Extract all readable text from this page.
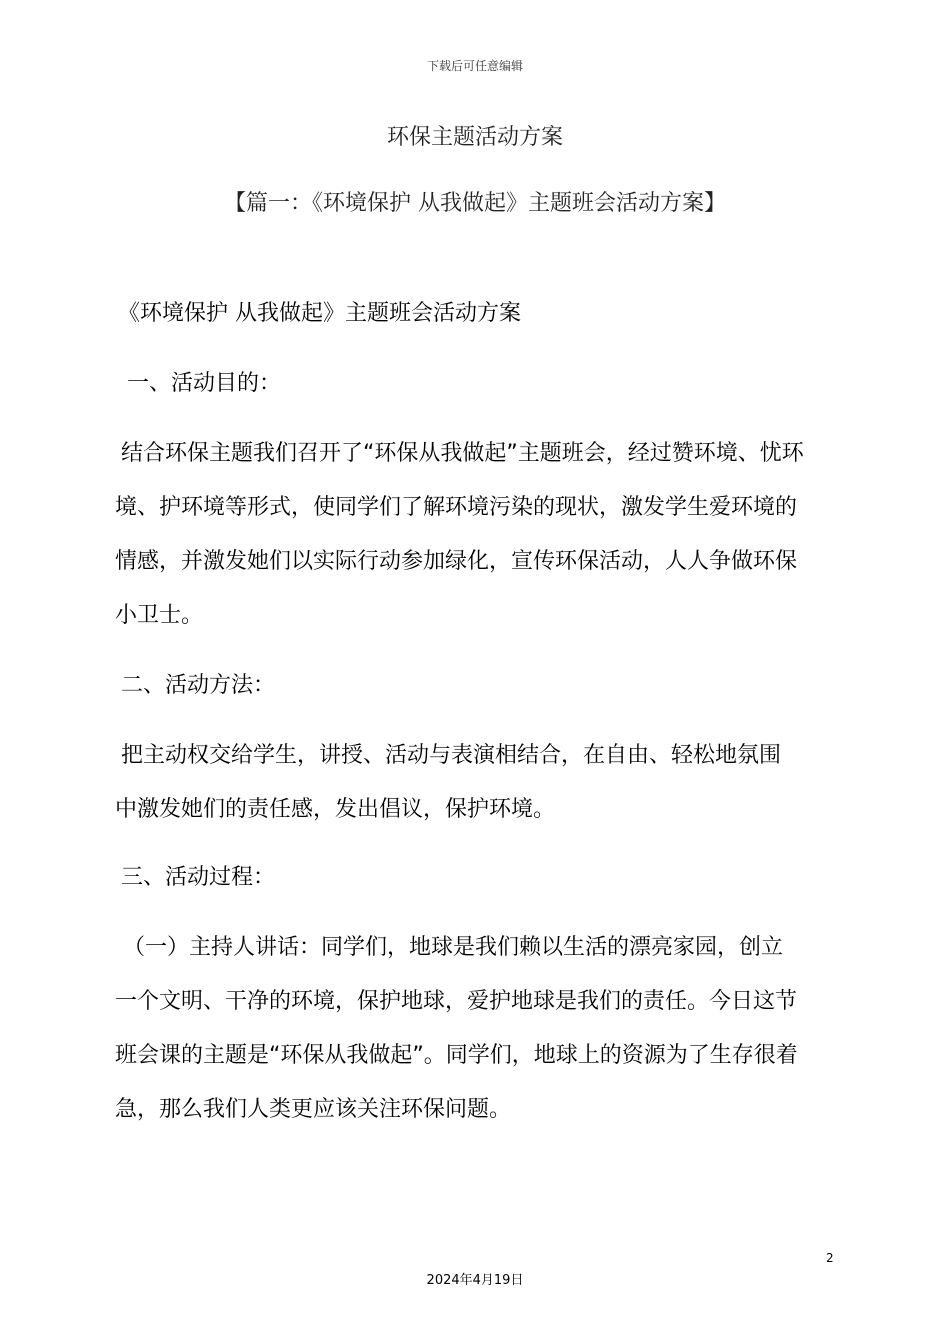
下载后可任意编辑
环保主题活动方案
【篇一：《环境保护 从我做起》主题班会活动方案】
《环境保护 从我做起》主题班会活动方案
一、活动目的：
结合环保主题我们召开了“环保从我做起”主题班会，经过赞环境、忧环
境、护环境等形式，使同学们了解环境污染的现状，激发学生爱环境的
情感，并激发她们以实际行动参加绿化，宣传环保活动，人人争做环保
小卫士。
二、活动方法：
把主动权交给学生，讲授、活动与表演相结合，在自由、轻松地氛围
中激发她们的责任感，发出倡议，保护环境。
三、活动过程：
（一）主持人讲话：同学们，地球是我们赖以生活的漂亮家园，创立
一个文明、干净的环境，保护地球，爱护地球是我们的责任。今日这节
班会课的主题是“环保从我做起”。同学们，地球上的资源为了生存很着
急，那么我们人类更应该关注环保问题。
2
2024年4月19日
